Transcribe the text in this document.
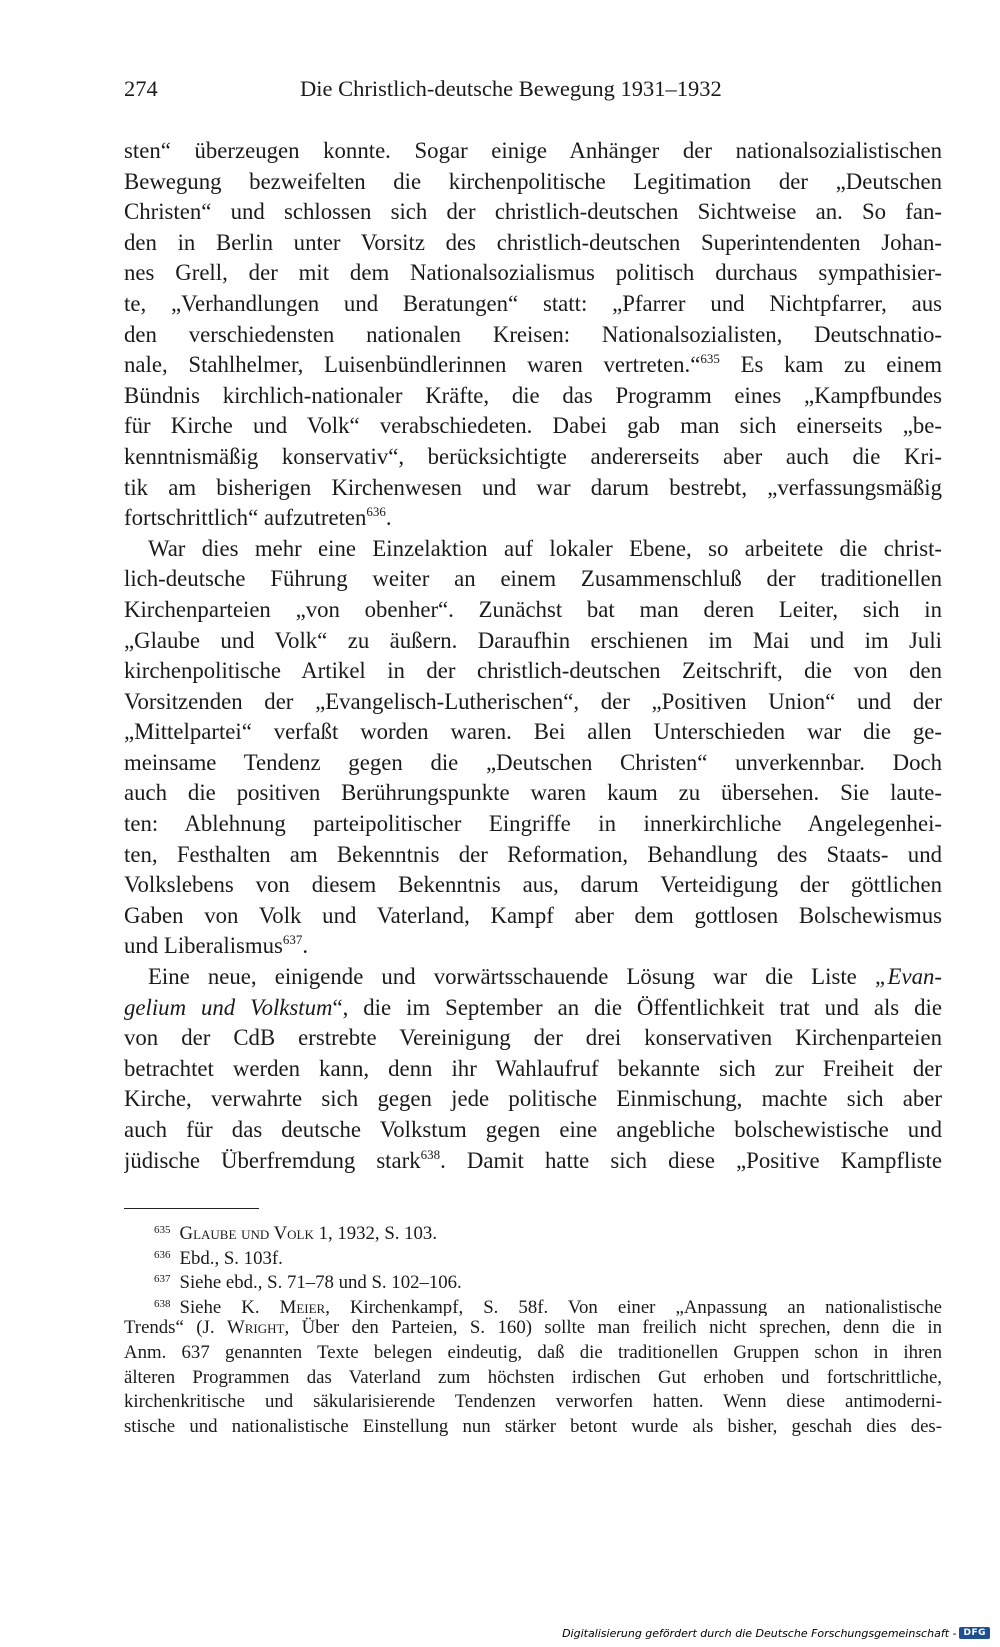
274	Die Christlich-deutsche Bewegung 1931–1932
sten“ überzeugen konnte. Sogar einige Anhänger der nationalsozialistischen
Bewegung bezweifelten die kirchenpolitische Legitimation der „Deutschen
Christen“ und schlossen sich der christlich-deutschen Sichtweise an. So fan-
den in Berlin unter Vorsitz des christlich-deutschen Superintendenten Johan-
nes Grell, der mit dem Nationalsozialismus politisch durchaus sympathisier-
te, „Verhandlungen und Beratungen“ statt: „Pfarrer und Nichtpfarrer, aus
den verschiedensten nationalen Kreisen: Nationalsozialisten, Deutschnatio-
nale, Stahlhelmer, Luisenbündlerinnen waren vertreten.“$^{635}$ Es kam zu einem
Bündnis kirchlich-nationaler Kräfte, die das Programm eines „Kampfbundes
für Kirche und Volk“ verabschiedeten. Dabei gab man sich einerseits „be-
kenntnismäßig konservativ“, berücksichtigte andererseits aber auch die Kri-
tik am bisherigen Kirchenwesen und war darum bestrebt, „verfassungsmäßig
fortschrittlich“ aufzutreten$^{636}$.
War dies mehr eine Einzelaktion auf lokaler Ebene, so arbeitete die christ-
lich-deutsche Führung weiter an einem Zusammenschluß der traditionellen
Kirchenparteien „von obenher“. Zunächst bat man deren Leiter, sich in
„Glaube und Volk“ zu äußern. Daraufhin erschienen im Mai und im Juli
kirchenpolitische Artikel in der christlich-deutschen Zeitschrift, die von den
Vorsitzenden der „Evangelisch-Lutherischen“, der „Positiven Union“ und der
„Mittelpartei“ verfaßt worden waren. Bei allen Unterschieden war die ge-
meinsame Tendenz gegen die „Deutschen Christen“ unverkennbar. Doch
auch die positiven Berührungspunkte waren kaum zu übersehen. Sie laute-
ten: Ablehnung parteipolitischer Eingriffe in innerkirchliche Angelegenhei-
ten, Festhalten am Bekenntnis der Reformation, Behandlung des Staats- und
Volkslebens von diesem Bekenntnis aus, darum Verteidigung der göttlichen
Gaben von Volk und Vaterland, Kampf aber dem gottlosen Bolschewismus
und Liberalismus$^{637}$.
Eine neue, einigende und vorwärtsschauende Lösung war die Liste „Evan-
gelium und Volkstum“, die im September an die Öffentlichkeit trat und als die
von der CdB erstrebte Vereinigung der drei konservativen Kirchenparteien
betrachtet werden kann, denn ihr Wahlaufruf bekannte sich zur Freiheit der
Kirche, verwahrte sich gegen jede politische Einmischung, machte sich aber
auch für das deutsche Volkstum gegen eine angebliche bolschewistische und
jüdische Überfremdung stark$^{638}$. Damit hatte sich diese „Positive Kampfliste
$^{635}$ Glaube und Volk 1, 1932, S. 103.
$^{636}$ Ebd., S. 103f.
$^{637}$ Siehe ebd., S. 71–78 und S. 102–106.
$^{638}$ Siehe K. Meier, Kirchenkampf, S. 58f. Von einer „Anpassung an nationalistische
Trends“ (J. Wright, Über den Parteien, S. 160) sollte man freilich nicht sprechen, denn die in
Anm. 637 genannten Texte belegen eindeutig, daß die traditionellen Gruppen schon in ihren
älteren Programmen das Vaterland zum höchsten irdischen Gut erhoben und fortschrittliche,
kirchenkritische und säkularisierende Tendenzen verworfen hatten. Wenn diese antimoderni-
stische und nationalistische Einstellung nun stärker betont wurde als bisher, geschah dies des-
Digitalisierung gefördert durch die Deutsche Forschungsgemeinschaft - DFG
